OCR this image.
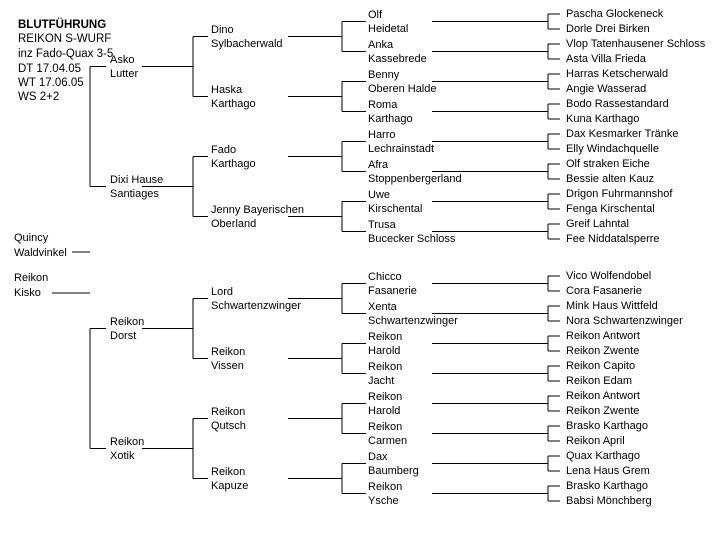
BLUTFÜHRUNG
REIKON S-WURF
inz Fado-Quax 3-5
DT 17.04.05
WT 17.06.05
WS 2+2
Quincy
Waldvinkel
Reikon
Kisko
Asko
Lutter
Dixi Hause
Santiages
Reikon
Dorst
Reikon
Xotik
Dino
Sylbacherwald
Haska
Karthago
Fado
Karthago
Jenny Bayerischen
Oberland
Lord
Schwartenzwinger
Reikon
Vissen
Reikon
Qutsch
Reikon
Kapuze
Olf
Heidetal
Anka
Kassebrede
Benny
Oberen Halde
Roma
Karthago
Harro
Lechrainstadt
Afra
Stoppenbergerland
Uwe
Kirschental
Trusa
Bucecker Schloss
Chicco
Fasanerie
Xenta
Schwartenzwinger
Reikon
Harold
Reikon
Jacht
Reikon
Harold
Reikon
Carmen
Dax
Baumberg
Reikon
Ysche
Pascha Glockeneck
Dorle Drei Birken
Vlop Tatenhausener Schloss
Asta Villa Frieda
Harras Ketscherwald
Angie Wasserad
Bodo Rassestandard
Kuna Karthago
Dax Kesmarker Tränke
Elly Windachquelle
Olf straken Eiche
Bessie alten Kauz
Drigon Fuhrmannshof
Fenga Kirschental
Greif Lahntal
Fee Niddatalsperre
Vico Wolfendobel
Cora Fasanerie
Mink Haus Wittfeld
Nora Schwartenzwinger
Reikon Antwort
Reikon Zwente
Reikon Capito
Reikon Edam
Reikon Antwort
Reikon Zwente
Brasko Karthago
Reikon April
Quax Karthago
Lena Haus Grem
Brasko Karthago
Babsi Mönchberg
